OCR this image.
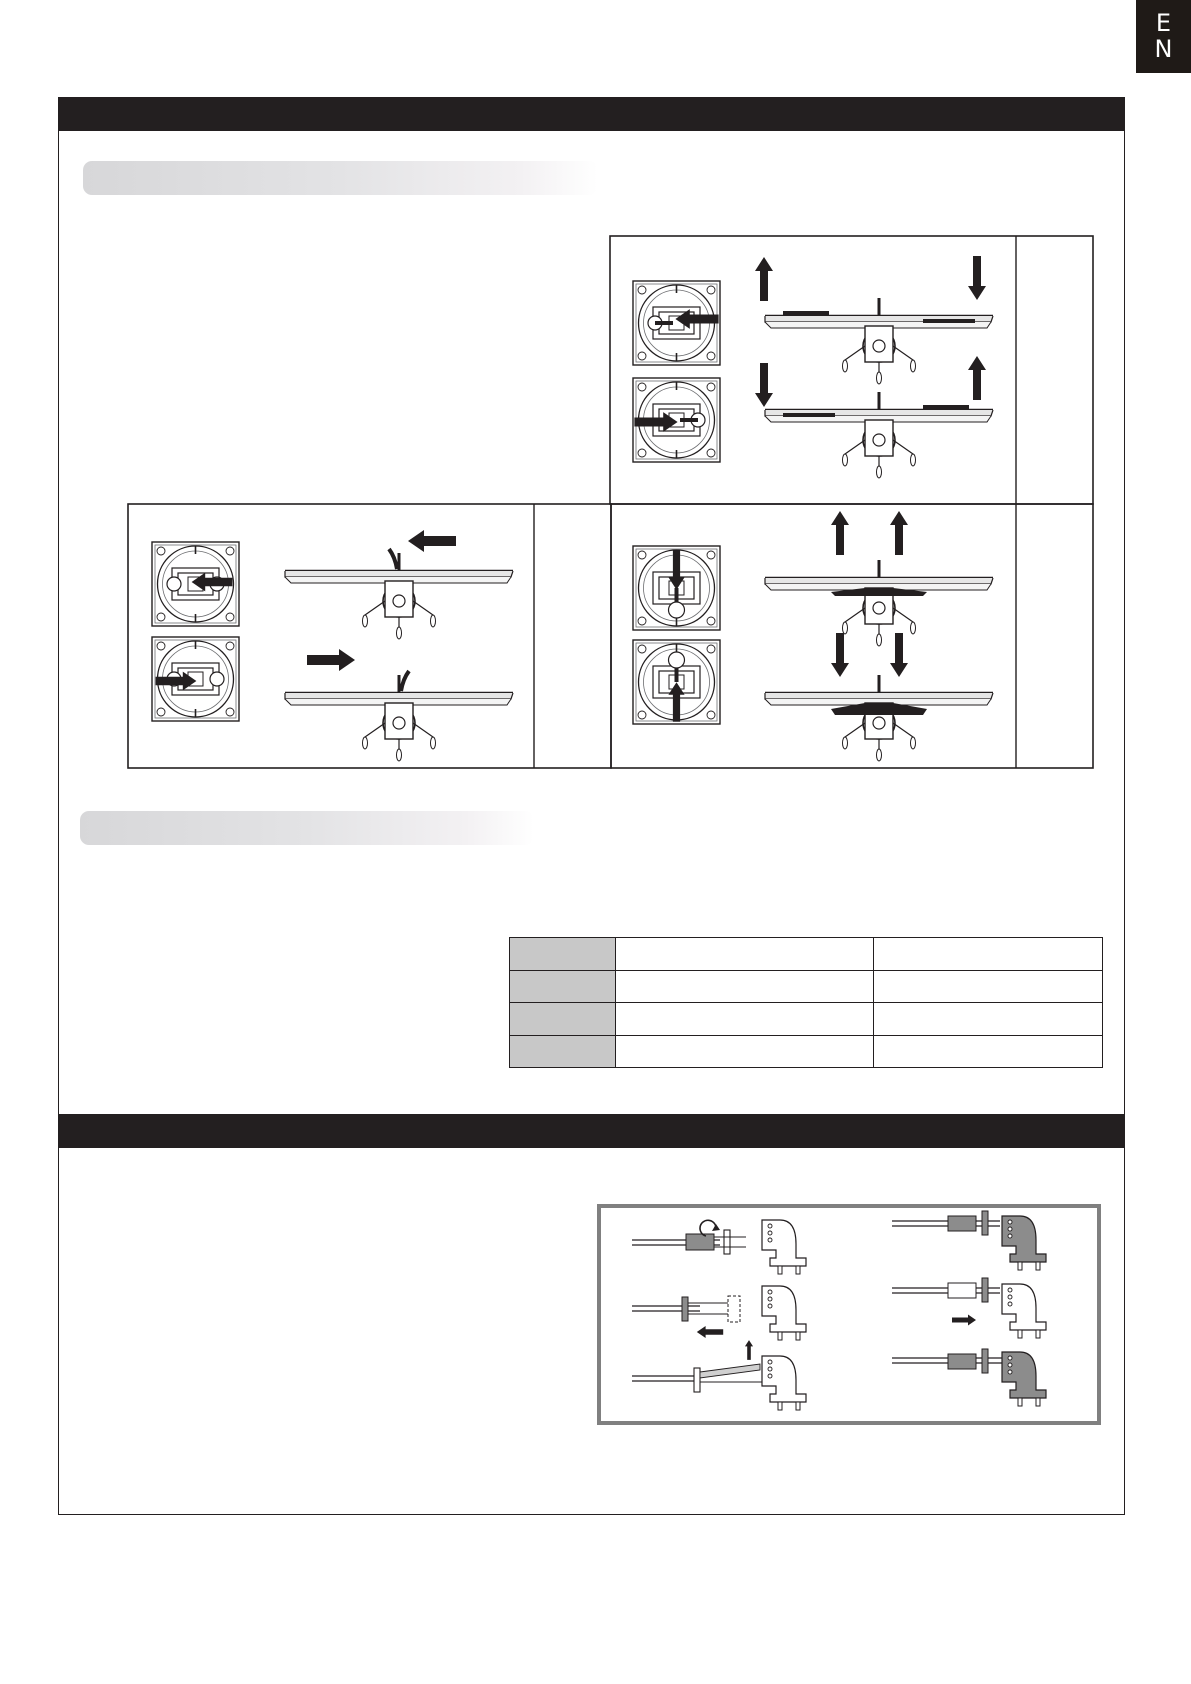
E
N
